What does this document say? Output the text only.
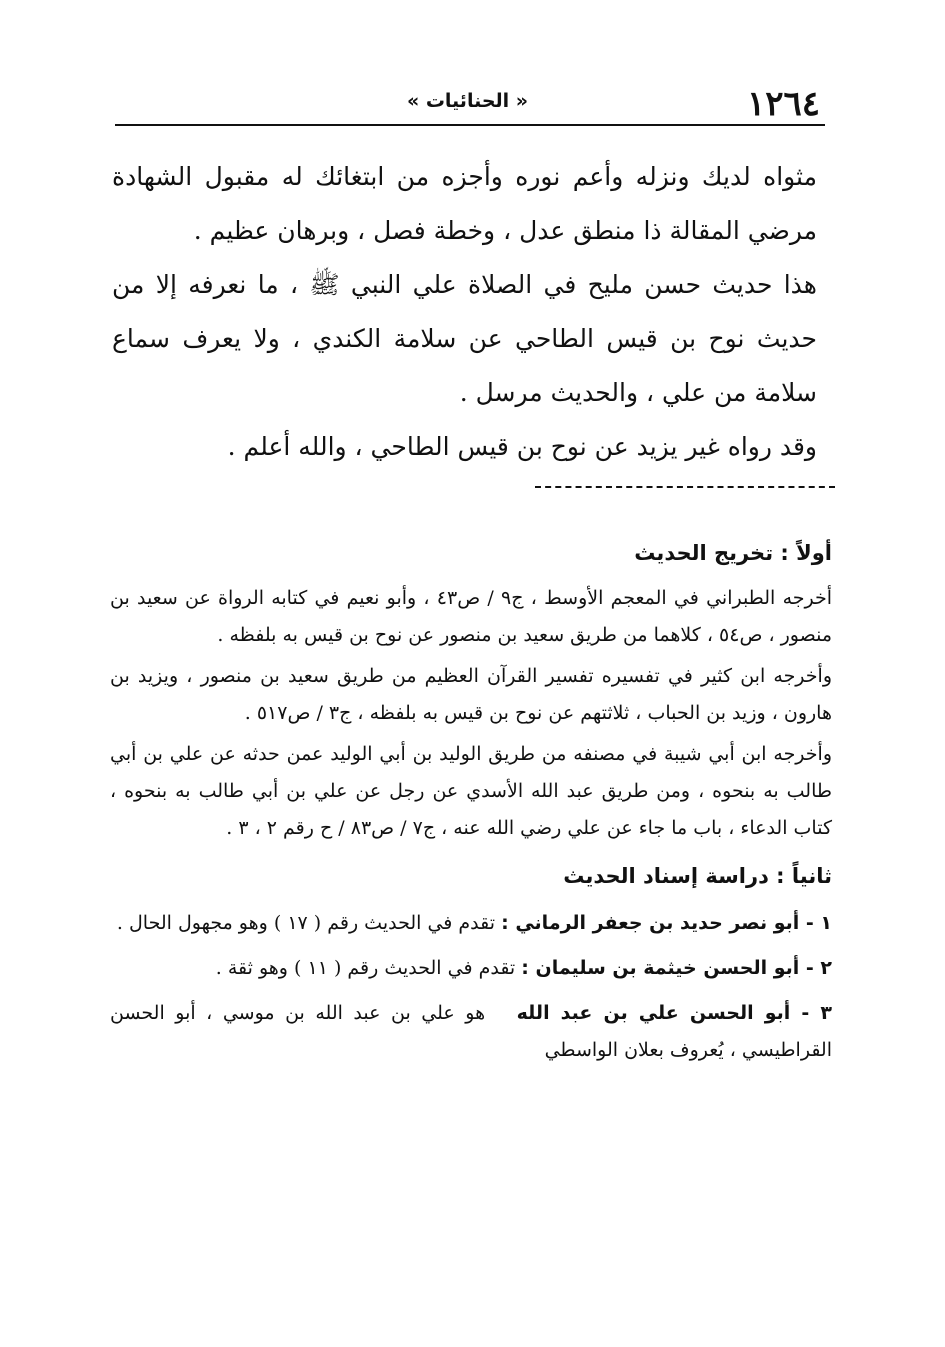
١٢٦٤
« الحنائيات »

مثواه لديك ونزله وأعم نوره وأجزه من ابتغائك له مقبول الشهادة مرضي المقالة ذا منطق عدل ، وخطة فصل ، وبرهان عظيم .

هذا حديث حسن مليح في الصلاة علي النبي ﷺ ، ما نعرفه إلا من حديث نوح بن قيس الطاحي عن سلامة الكندي ، ولا يعرف سماع سلامة من علي ، والحديث مرسل .

وقد رواه غير يزيد عن نوح بن قيس الطاحي ، والله أعلم .

أولاً : تخريج الحديث

أخرجه الطبراني في المعجم الأوسط ، ج٩ / ص٤٣ ، وأبو نعيم في كتابه الرواة عن سعيد بن منصور ، ص٥٤ ، كلاهما من طريق سعيد بن منصور عن نوح بن قيس به بلفظه .

وأخرجه ابن كثير في تفسيره تفسير القرآن العظيم من طريق سعيد بن منصور ، ويزيد بن هارون ، وزيد بن الحباب ، ثلاثتهم عن نوح بن قيس به بلفظه ، ج٣ / ص٥١٧ .

وأخرجه ابن أبي شيبة في مصنفه من طريق الوليد بن أبي الوليد عمن حدثه عن علي بن أبي طالب به بنحوه ، ومن طريق عبد الله الأسدي عن رجل عن علي بن أبي طالب به بنحوه ، كتاب الدعاء ، باب ما جاء عن علي رضي الله عنه ، ج٧ / ص٨٣ / ح رقم ٢ ، ٣ .

ثانياً : دراسة إسناد الحديث

١ - أبو نصر حديد بن جعفر الرماني : تقدم في الحديث رقم ( ١٧ ) وهو مجهول الحال .

٢ - أبو الحسن خيثمة بن سليمان : تقدم في الحديث رقم ( ١١ ) وهو ثقة .

٣ - أبو الحسن علي بن عبد الله   هو علي بن عبد الله بن موسي ، أبو الحسن القراطيسي ، يُعروف بعلان الواسطي
